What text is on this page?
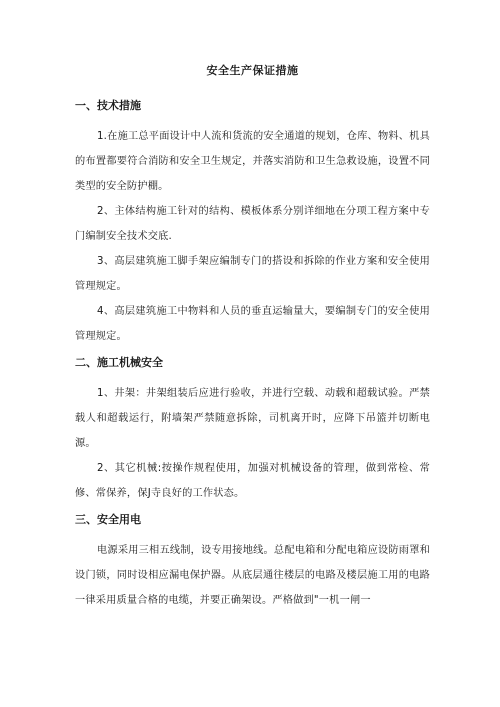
安全生产保证措施
一、技术措施

1.在施工总平面设计中人流和货流的安全通道的规划，仓库、物料、机具的布置都要符合消防和安全卫生规定，并落实消防和卫生急救设施，设置不同类型的安全防护棚。

2、主体结构施工针对的结构、模板体系分别详细地在分项工程方案中专门编制安全技术交底.

3、高层建筑施工脚手架应编制专门的搭设和拆除的作业方案和安全使用管理规定。

4、高层建筑施工中物料和人员的垂直运输量大，要编制专门的安全使用管理规定。

二、施工机械安全

1、井架：井架组装后应进行验收，并进行空载、动载和超载试验。严禁载人和超载运行，附墙架严禁随意拆除，司机离开时，应降下吊篮并切断电源。

2、其它机械:按操作规程使用，加强对机械设备的管理，做到常检、常修、常保养，保J寺良好的工作状态。

三、安全用电

电源采用三相五线制，设专用接地线。总配电箱和分配电箱应设防雨罩和设门锁，同时设相应漏电保护器。从底层通往楼层的电路及楼层施工用的电路一律采用质量合格的电缆，并要正确架设。严格做到"一机一闸一
